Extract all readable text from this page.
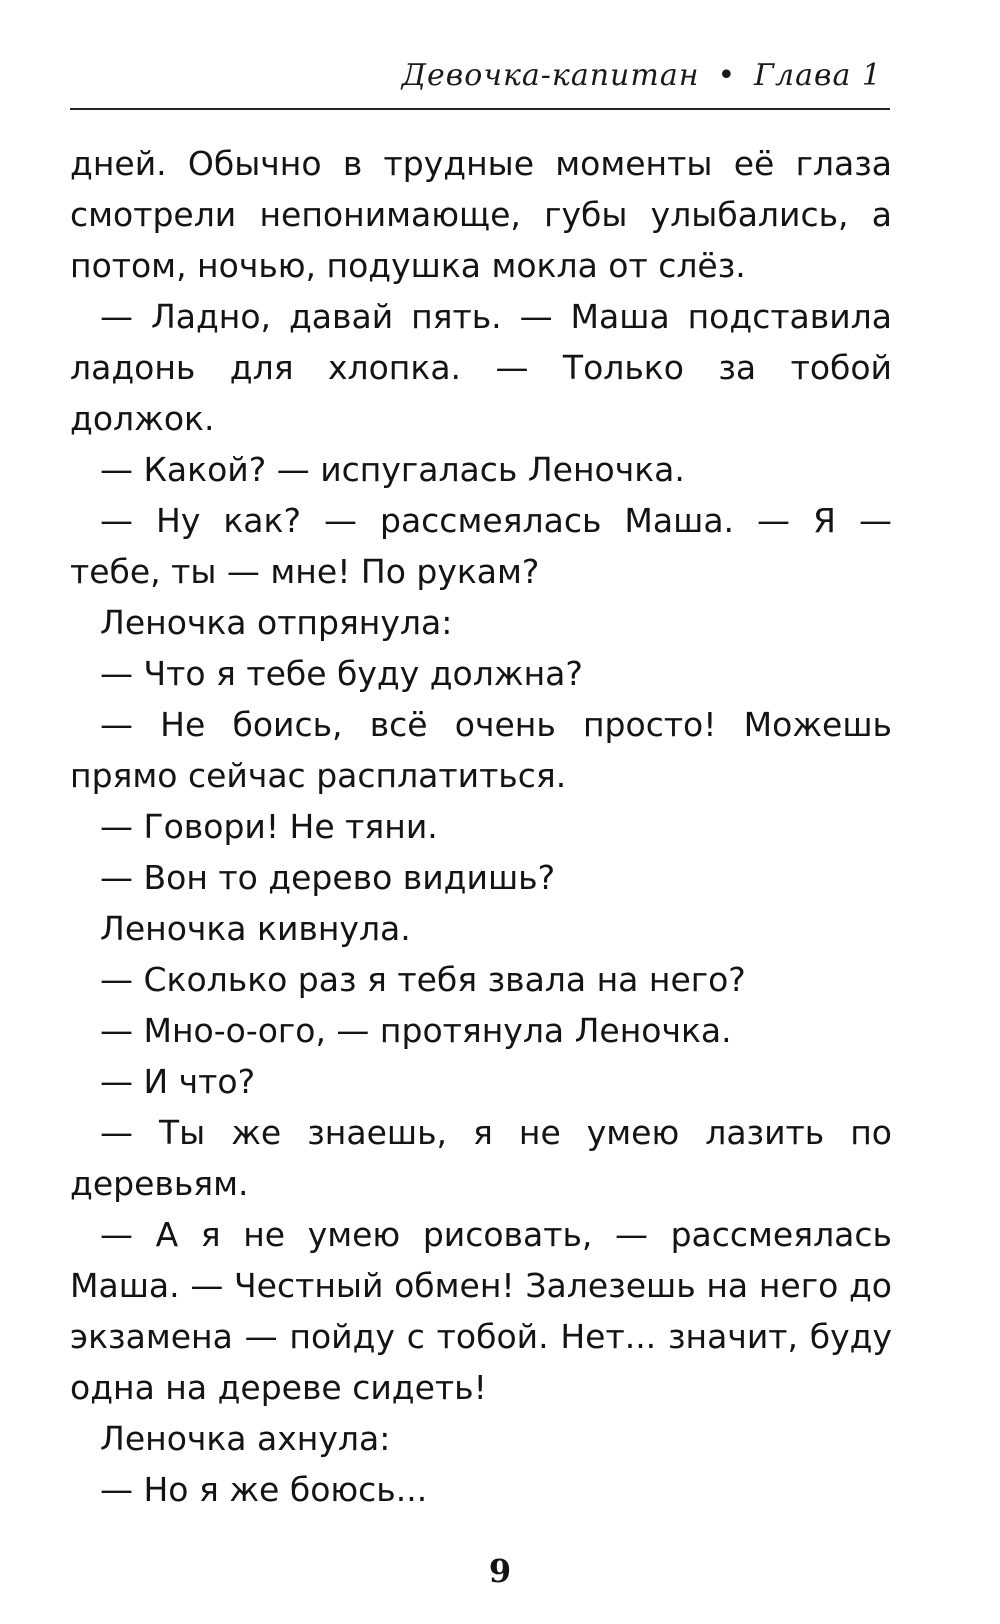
Девочка-капитан • Глава 1

дней. Обычно в трудные моменты её глаза смотрели непонимающе, губы улыбались, а потом, ночью, подушка мокла от слёз.

— Ладно, давай пять. — Маша подставила ладонь для хлопка. — Только за тобой должок.

— Какой? — испугалась Леночка.

— Ну как? — рассмеялась Маша. — Я — тебе, ты — мне! По рукам?

Леночка отпрянула:

— Что я тебе буду должна?

— Не боись, всё очень просто! Можешь прямо сейчас расплатиться.

— Говори! Не тяни.

— Вон то дерево видишь?

Леночка кивнула.

— Сколько раз я тебя звала на него?

— Мно-о-ого, — протянула Леночка.

— И что?

— Ты же знаешь, я не умею лазить по деревьям.

— А я не умею рисовать, — рассмеялась Маша. — Честный обмен! Залезешь на него до экзамена — пойду с тобой. Нет... значит, буду одна на дереве сидеть!

Леночка ахнула:

— Но я же боюсь...

9
